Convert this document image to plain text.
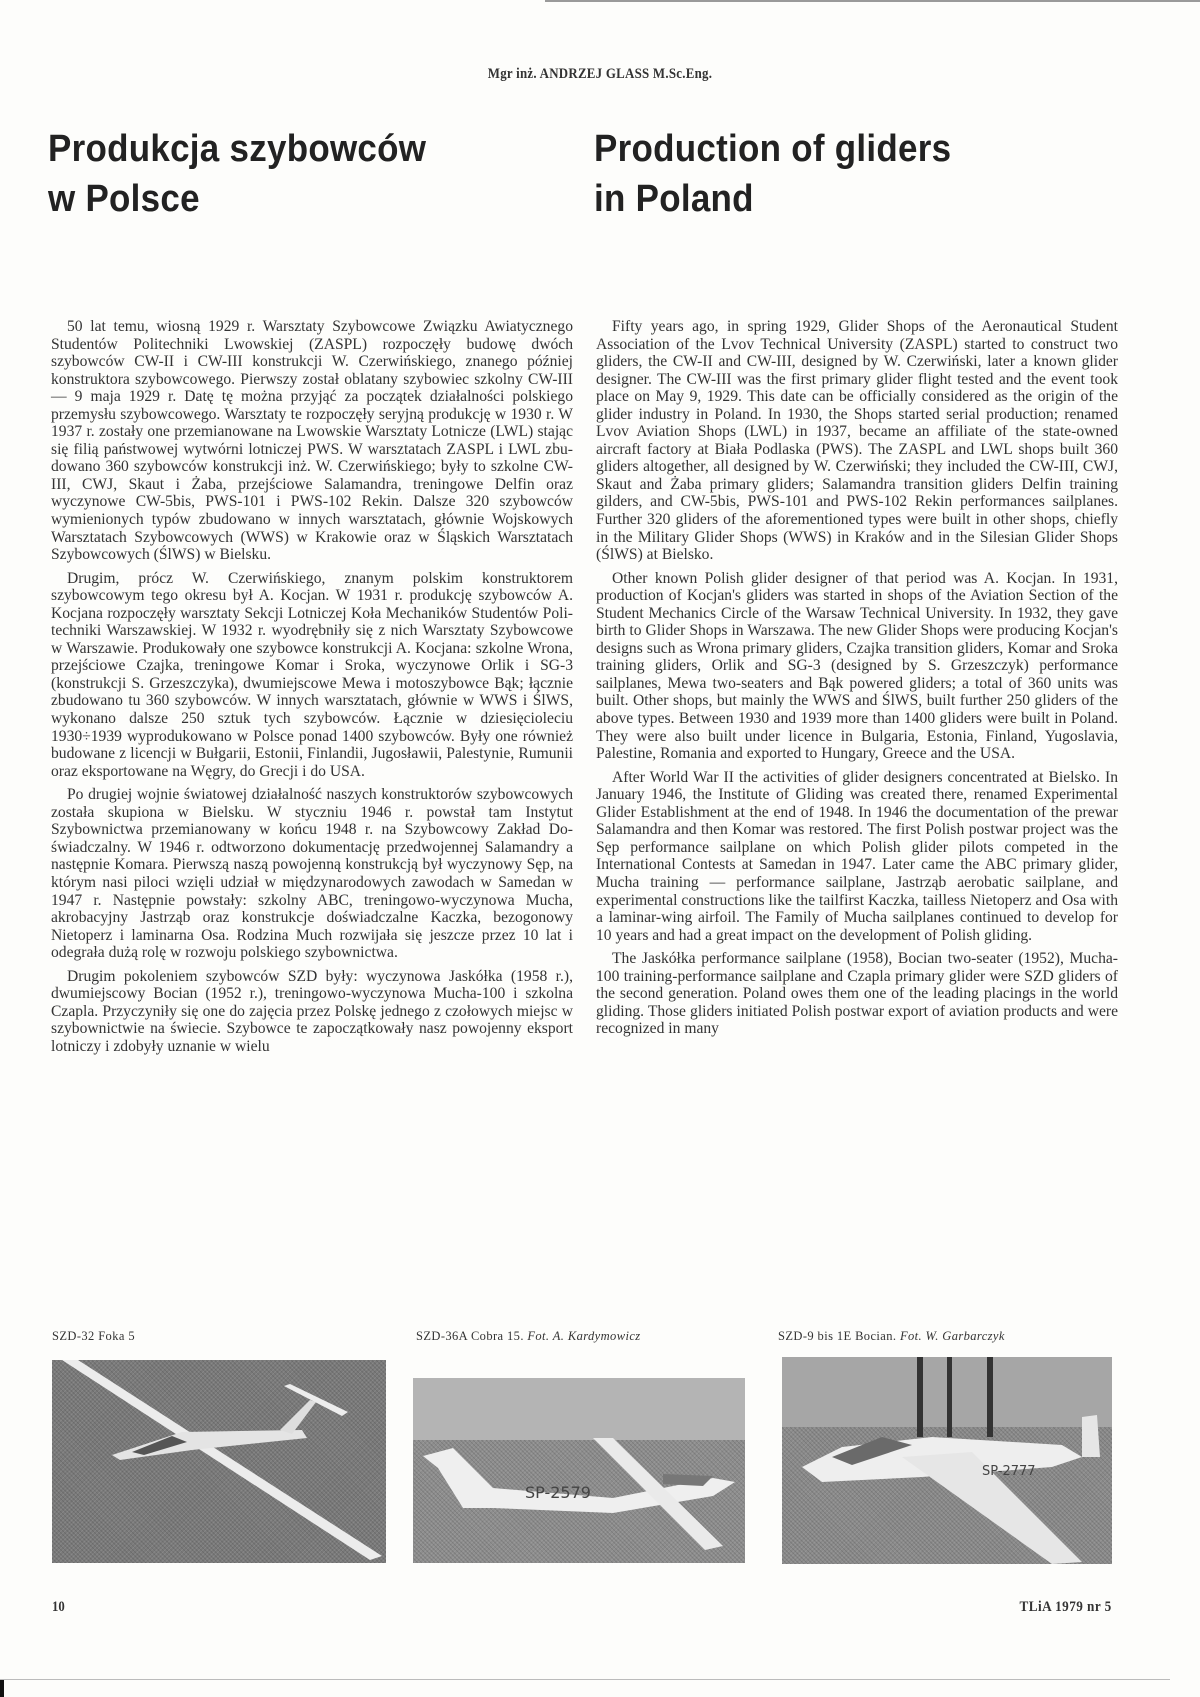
Mgr inż. ANDRZEJ GLASS M.Sc.Eng.
Produkcja szybowców
w Polsce
Production of gliders
in Poland

50 lat temu, wiosną 1929 r. Warsztaty Szybowcowe Związku Awiatycznego Studentów Politechniki Lwowskiej (ZASPL) rozpoczęły budowę dwóch szybowców CW-II i CW-III konstrukcji W. Czerwińskiego, znanego później konstruktora szybowcowego. Pierwszy został oblatany szybowiec szkolny CW-III — 9 maja 1929 r. Datę tę można przyjąć za początek działalności polskiego przemysłu szybowcowego. Warsztaty te rozpoczęły seryjną produkcję w 1930 r. W 1937 r. zostały one przemianowane na Lwowskie Warsztaty Lotnicze (LWL) stając się filią państwowej wytwórni lotniczej PWS. W warsztatach ZASPL i LWL zbudowano 360 szybowców konstrukcji inż. W. Czerwińskiego; były to szkolne CW-III, CWJ, Skaut i Żaba, przejściowe Salamandra, treningowe Delfin oraz wyczynowe CW-5bis, PWS-101 i PWS-102 Rekin. Dalsze 320 szybowców wymienionych typów zbudowano w innych warsztatach, głównie Wojskowych Warsztatach Szybowcowych (WWS) w Krakowie oraz w Śląskich Warsztatach Szybowcowych (ŚlWS) w Bielsku.

Drugim, prócz W. Czerwińskiego, znanym polskim konstruktorem szybowcowym tego okresu był A. Kocjan. W 1931 r. produkcję szybowców A. Kocjana rozpoczęły warsztaty Sekcji Lotniczej Koła Mechaników Studentów Politechniki Warszawskiej. W 1932 r. wyodrębniły się z nich Warsztaty Szybowcowe w Warszawie. Produkowały one szybowce konstrukcji A. Kocjana: szkolne Wrona, przejściowe Czajka, treningowe Komar i Sroka, wyczynowe Orlik i SG-3 (konstrukcji S. Grzeszczyka), dwumiejscowe Mewa i motoszybowce Bąk; łącznie zbudowano tu 360 szybowców. W innych warsztatach, głównie w WWS i ŚlWS, wykonano dalsze 250 sztuk tych szybowców. Łącznie w dziesięcioleciu 1930÷1939 wyprodukowano w Polsce ponad 1400 szybowców. Były one również budowane z licencji w Bułgarii, Estonii, Finlandii, Jugosławii, Palestynie, Rumunii oraz eksportowane na Węgry, do Grecji i do USA.

Po drugiej wojnie światowej działalność naszych konstruktorów szybowcowych została skupiona w Bielsku. W styczniu 1946 r. powstał tam Instytut Szybownictwa przemianowany w końcu 1948 r. na Szybowcowy Zakład Doświadczalny. W 1946 r. odtworzono dokumentację przedwojennej Salamandry a następnie Komara. Pierwszą naszą powojenną konstrukcją był wyczynowy Sęp, na którym nasi piloci wzięli udział w międzynarodowych zawodach w Samedan w 1947 r. Następnie powstały: szkolny ABC, treningowo-wyczynowa Mucha, akrobacyjny Jastrząb oraz konstrukcje doświadczalne Kaczka, bezogonowy Nietoperz i laminarna Osa. Rodzina Much rozwijała się jeszcze przez 10 lat i odegrała dużą rolę w rozwoju polskiego szybownictwa.

Drugim pokoleniem szybowców SZD były: wyczynowa Jaskółka (1958 r.), dwumiejscowy Bocian (1952 r.), treningowo-wyczynowa Mucha-100 i szkolna Czapla. Przyczyniły się one do zajęcia przez Polskę jednego z czołowych miejsc w szybownictwie na świecie. Szybowce te zapoczątkowały nasz powojenny eksport lotniczy i zdobyły uznanie w wielu

Fifty years ago, in spring 1929, Glider Shops of the Aeronautical Student Association of the Lvov Technical University (ZASPL) started to construct two gliders, the CW-II and CW-III, designed by W. Czerwiński, later a known glider designer. The CW-III was the first primary glider flight tested and the event took place on May 9, 1929. This date can be officially considered as the origin of the glider industry in Poland. In 1930, the Shops started serial production; renamed Lvov Aviation Shops (LWL) in 1937, became an affiliate of the state-owned aircraft factory at Biała Podlaska (PWS). The ZASPL and LWL shops built 360 gliders altogether, all designed by W. Czerwiński; they included the CW-III, CWJ, Skaut and Żaba primary gliders; Salamandra transition gliders Delfin training gilders, and CW-5bis, PWS-101 and PWS-102 Rekin performances sailplanes. Further 320 gliders of the aforementioned types were built in other shops, chiefly in the Military Glider Shops (WWS) in Kraków and in the Silesian Glider Shops (ŚlWS) at Bielsko.

Other known Polish glider designer of that period was A. Kocjan. In 1931, production of Kocjan's gliders was started in shops of the Aviation Section of the Student Mechanics Circle of the Warsaw Technical University. In 1932, they gave birth to Glider Shops in Warszawa. The new Glider Shops were producing Kocjan's designs such as Wrona primary gliders, Czajka transition gliders, Komar and Sroka training gliders, Orlik and SG-3 (designed by S. Grzeszczyk) performance sailplanes, Mewa two-seaters and Bąk powered gliders; a total of 360 units was built. Other shops, but mainly the WWS and ŚlWS, built further 250 gliders of the above types. Between 1930 and 1939 more than 1400 gliders were built in Poland. They were also built under licence in Bulgaria, Estonia, Finland, Yugoslavia, Palestine, Romania and exported to Hungary, Greece and the USA.

After World War II the activities of glider designers concentrated at Bielsko. In January 1946, the Institute of Gliding was created there, renamed Experimental Glider Establishment at the end of 1948. In 1946 the documentation of the prewar Salamandra and then Komar was restored. The first Polish postwar project was the Sęp performance sailplane on which Polish glider pilots competed in the International Contests at Samedan in 1947. Later came the ABC primary glider, Mucha training — performance sailplane, Jastrząb aerobatic sailplane, and experimental constructions like the tailfirst Kaczka, tailless Nietoperz and Osa with a laminar-wing airfoil. The Family of Mucha sailplanes continued to develop for 10 years and had a great impact on the development of Polish gliding.

The Jaskółka performance sailplane (1958), Bocian two-seater (1952), Mucha-100 training-performance sailplane and Czapla primary glider were SZD gliders of the second generation. Poland owes them one of the leading placings in the world gliding. Those gliders initiated Polish postwar export of aviation products and were recognized in many

SZD-32 Foka 5	SZD-36A Cobra 15. Fot. A. Kardymowicz	SZD-9 bis 1E Bocian. Fot. W. Garbarczyk
SP-2579
SP-2777
10	TLiA 1979 nr 5
